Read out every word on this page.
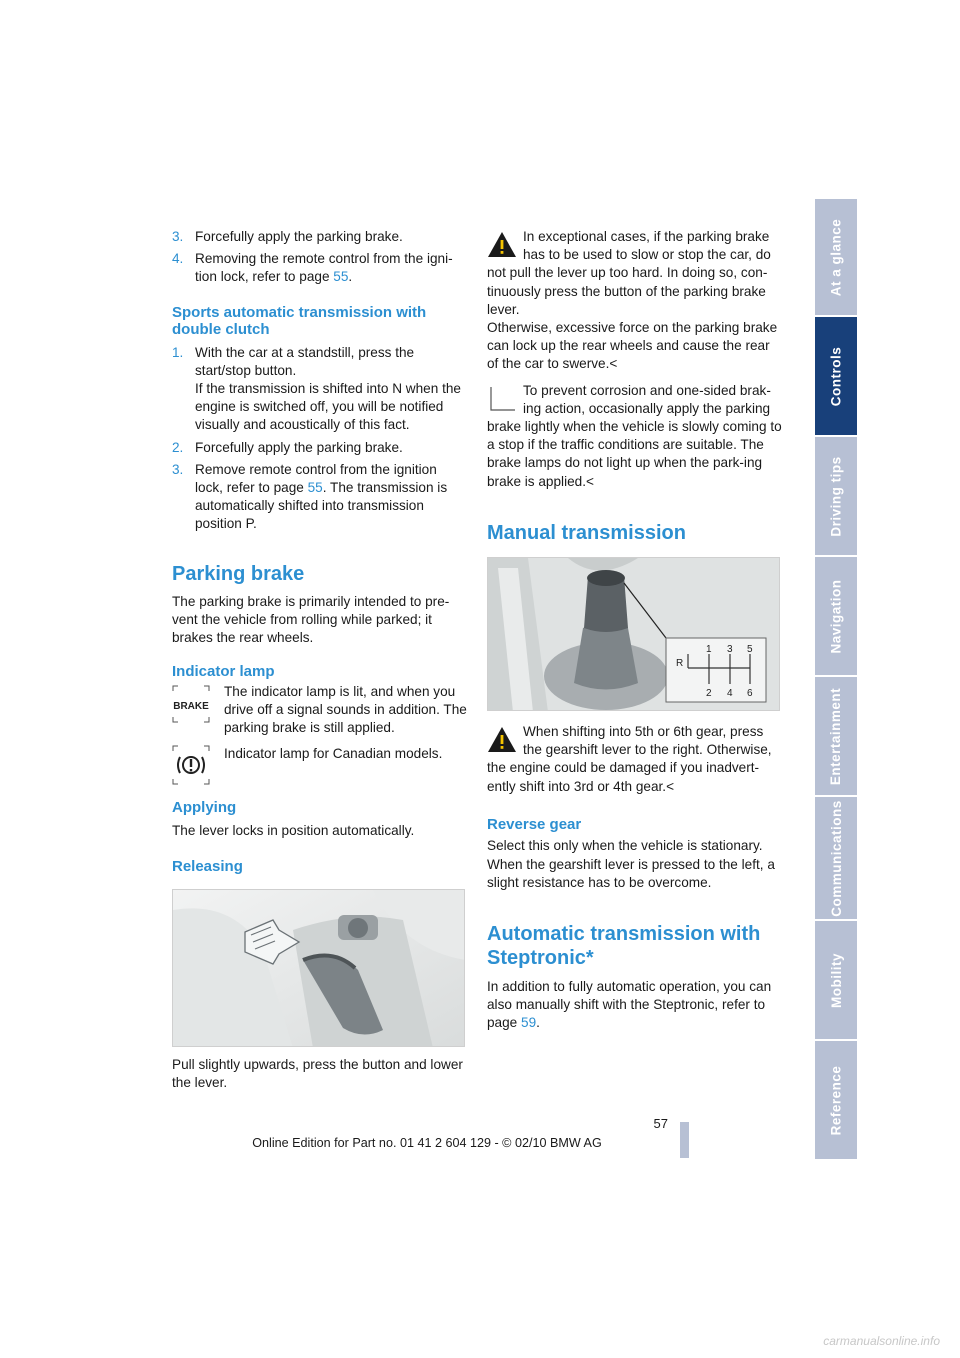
3. Forcefully apply the parking brake.
4. Removing the remote control from the igni-tion lock, refer to page 55.
Sports automatic transmission with double clutch
1. With the car at a standstill, press the start/stop button.
If the transmission is shifted into N when the engine is switched off, you will be notified visually and acoustically of this fact.
2. Forcefully apply the parking brake.
3. Remove remote control from the ignition lock, refer to page 55. The transmission is automatically shifted into transmission position P.
Parking brake

The parking brake is primarily intended to pre-vent the vehicle from rolling while parked; it brakes the rear wheels.

Indicator lamp
BRAKE

The indicator lamp is lit, and when you drive off a signal sounds in addition. The parking brake is still applied.

Indicator lamp for Canadian models.

Applying

The lever locks in position automatically.

Releasing

Pull slightly upwards, press the button and lower the lever.

In exceptional cases, if the parking brake has to be used to slow or stop the car, do not pull the lever up too hard. In doing so, con-tinuously press the button of the parking brake lever.

Otherwise, excessive force on the parking brake can lock up the rear wheels and cause the rear of the car to swerve.<

To prevent corrosion and one-sided brak-ing action, occasionally apply the parking brake lightly when the vehicle is slowly coming to a stop if the traffic conditions are suitable. The brake lamps do not light up when the park-ing brake is applied.<
Manual transmission
R
1 3 5
2 4 6
When shifting into 5th or 6th gear, press the gearshift lever to the right. Otherwise, the engine could be damaged if you inadvert-ently shift into 3rd or 4th gear.<
Reverse gear

Select this only when the vehicle is stationary. When the gearshift lever is pressed to the left, a slight resistance has to be overcome.

Automatic transmission with Steptronic*

In addition to fully automatic operation, you can also manually shift with the Steptronic, refer to page 59.

At a glance
Controls
Driving tips
Navigation
Entertainment
Communications
Mobility
Reference
57
Online Edition for Part no. 01 41 2 604 129 - © 02/10 BMW AG
carmanualsonline.info
